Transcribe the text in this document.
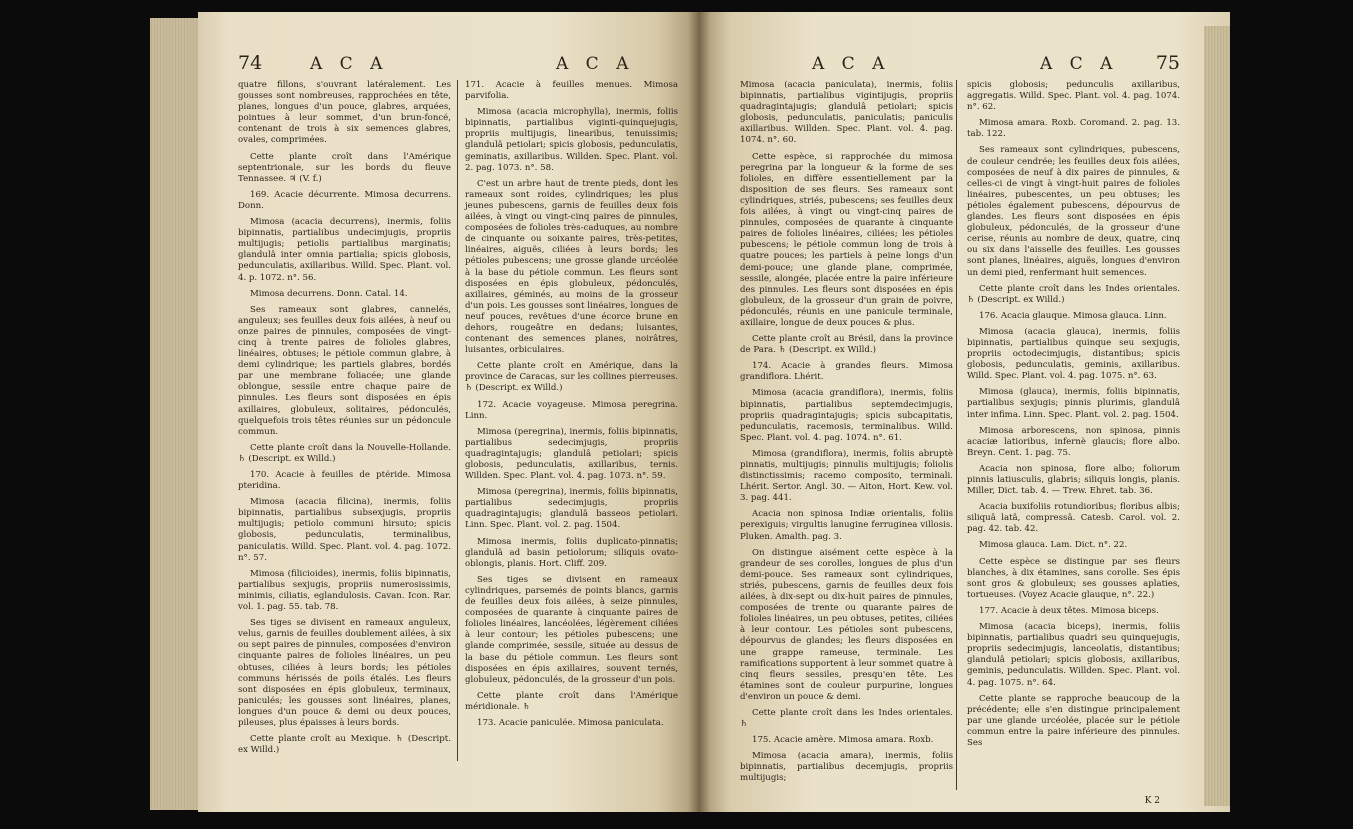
74	A C A	A C A

quatre fillons, s'ouvrant latéralement. Les gousses sont nombreuses, rapprochées en tête, planes, longues d'un pouce, glabres, arquées, pointues à leur sommet, d'un brun-foncé, contenant de trois à six semences glabres, ovales, comprimées.

Cette plante croît dans l'Amérique septentrionale, sur les bords du fleuve Tennassee. ♃ (V. f.)

169. Acacie décurrente. Mimosa decurrens. Donn.

Mimosa (acacia decurrens), inermis, foliis bipinnatis, partialibus undecimjugis, propriis multijugis; petiolis partialibus marginatis; glandulâ inter omnia partialia; spicis globosis, pedunculatis, axillaribus. Willd. Spec. Plant. vol. 4. p. 1072. n°. 56.

Mimosa decurrens. Donn. Catal. 14.

Ses rameaux sont glabres, cannelés, anguleux; ses feuilles deux fois ailées, à neuf ou onze paires de pinnules, composées de vingt-cinq à trente paires de folioles glabres, linéaires, obtuses; le pétiole commun glabre, à demi cylindrique; les partiels glabres, bordés par une membrane foliacée; une glande oblongue, sessile entre chaque paire de pinnules. Les fleurs sont disposées en épis axillaires, globuleux, solitaires, pédonculés, quelquefois trois têtes réunies sur un pédoncule commun.

Cette plante croît dans la Nouvelle-Hollande. ♄ (Descript. ex Willd.)

170. Acacie à feuilles de ptéride. Mimosa pteridina.

Mimosa (acacia filicina), inermis, foliis bipinnatis, partialibus subsexjugis, propriis multijugis; petiolo communi hirsuto; spicis globosis, pedunculatis, terminalibus, paniculatis. Willd. Spec. Plant. vol. 4. pag. 1072. n°. 57.

Mimosa (filicioides), inermis, foliis bipinnatis, partialibus sexjugis, propriis numerosissimis, minimis, ciliatis, eglandulosis. Cavan. Icon. Rar. vol. 1. pag. 55. tab. 78.

Ses tiges se divisent en rameaux anguleux, velus, garnis de feuilles doublement ailées, à six ou sept paires de pinnules, composées d'environ cinquante paires de folioles linéaires, un peu obtuses, ciliées à leurs bords; les pétioles communs hérissés de poils étalés. Les fleurs sont disposées en épis globuleux, terminaux, paniculés; les gousses sont linéaires, planes, longues d'un pouce & demi ou deux pouces, pileuses, plus épaisses à leurs bords.

Cette plante croît au Mexique. ♄ (Descript. ex Willd.)

171. Acacie à feuilles menues. Mimosa parvifolia.

Mimosa (acacia microphylla), inermis, foliis bipinnatis, partialibus viginti-quinquejugis, propriis multijugis, linearibus, tenuissimis; glandulâ petiolari; spicis globosis, pedunculatis, geminatis, axillaribus. Willden. Spec. Plant. vol. 2. pag. 1073. n°. 58.

C'est un arbre haut de trente pieds, dont les rameaux sont roides, cylindriques; les plus jeunes pubescens, garnis de feuilles deux fois ailées, à vingt ou vingt-cinq paires de pinnules, composées de folioles très-caduques, au nombre de cinquante ou soixante paires, très-petites, linéaires, aiguës, ciliées à leurs bords; les pétioles pubescens; une grosse glande urcéolée à la base du pétiole commun. Les fleurs sont disposées en épis globuleux, pédonculés, axillaires, géminés, au moins de la grosseur d'un pois. Les gousses sont linéaires, longues de neuf pouces, revêtues d'une écorce brune en dehors, rougeâtre en dedans; luisantes, contenant des semences planes, noirâtres, luisantes, orbiculaires.

Cette plante croît en Amérique, dans la province de Caracas, sur les collines pierreuses. ♄ (Descript. ex Willd.)

172. Acacie voyageuse. Mimosa peregrina. Linn.

Mimosa (peregrina), inermis, foliis bipinnatis, partialibus sedecimjugis, propriis quadragintajugis; glandulâ petiolari; spicis globosis, pedunculatis, axillaribus, ternis. Willden. Spec. Plant. vol. 4. pag. 1073. n°. 59.

Mimosa (peregrina), inermis, foliis bipinnatis, partialibus sedecimjugis, propriis quadragintajugis; glandulâ basseos petiolari. Linn. Spec. Plant. vol. 2. pag. 1504.

Mimosa inermis, foliis duplicato-pinnatis; glandulâ ad basin petiolorum; siliquis ovato-oblongis, planis. Hort. Cliff. 209.

Ses tiges se divisent en rameaux cylindriques, parsemés de points blancs, garnis de feuilles deux fois ailées, à seize pinnules, composées de quarante à cinquante paires de folioles linéaires, lancéolées, légèrement ciliées à leur contour; les pétioles pubescens; une glande comprimée, sessile, située au dessus de la base du pétiole commun. Les fleurs sont disposées en épis axillaires, souvent ternés, globuleux, pédonculés, de la grosseur d'un pois.

Cette plante croît dans l'Amérique méridionale. ♄

173. Acacie paniculée. Mimosa paniculata.

A C A	A C A 75

Mimosa (acacia paniculata), inermis, foliis bipinnatis, partialibus vigintijugis, propriis quadragintajugis; glandulâ petiolari; spicis globosis, pedunculatis, paniculatis; paniculis axillaribus. Willden. Spec. Plant. vol. 4. pag. 1074. n°. 60.

Cette espèce, si rapprochée du mimosa peregrina par la longueur & la forme de ses folioles, en diffère essentiellement par la disposition de ses fleurs. Ses rameaux sont cylindriques, striés, pubescens; ses feuilles deux fois ailées, à vingt ou vingt-cinq paires de pinnules, composées de quarante à cinquante paires de folioles linéaires, ciliées; les pétioles pubescens; le pétiole commun long de trois à quatre pouces; les partiels à peine longs d'un demi-pouce; une glande plane, comprimée, sessile, alongée, placée entre la paire inférieure des pinnules. Les fleurs sont disposées en épis globuleux, de la grosseur d'un grain de poivre, pédonculés, réunis en une panicule terminale, axillaire, longue de deux pouces & plus.

Cette plante croît au Brésil, dans la province de Para. ♄ (Descript. ex Willd.)

174. Acacie à grandes fleurs. Mimosa grandiflora. Lhérit.

Mimosa (acacia grandiflora), inermis, foliis bipinnatis, partialibus septemdecimjugis, propriis quadragintajugis; spicis subcapitatis, pedunculatis, racemosis, terminalibus. Willd. Spec. Plant. vol. 4. pag. 1074. n°. 61.

Mimosa (grandiflora), inermis, foliis abruptè pinnatis, multijugis; pinnulis multijugis; foliolis distinctissimis; racemo composito, terminali. Lhérit. Sertor. Angl. 30. — Aiton, Hort. Kew. vol. 3. pag. 441.

Acacia non spinosa Indiæ orientalis, foliis perexiguis; virgultis lanugine ferruginea villosis. Pluken. Amalth. pag. 3.

On distingue aisément cette espèce à la grandeur de ses corolles, longues de plus d'un demi-pouce. Ses rameaux sont cylindriques, striés, pubescens, garnis de feuilles deux fois ailées, à dix-sept ou dix-huit paires de pinnules, composées de trente ou quarante paires de folioles linéaires, un peu obtuses, petites, ciliées à leur contour. Les pétioles sont pubescens, dépourvus de glandes; les fleurs disposées en une grappe rameuse, terminale. Les ramifications supportent à leur sommet quatre à cinq fleurs sessiles, presqu'en tête. Les étamines sont de couleur purpurine, longues d'environ un pouce & demi.

Cette plante croît dans les Indes orientales. ♄

175. Acacie amère. Mimosa amara. Roxb.

Mimosa (acacia amara), inermis, foliis bipinnatis, partialibus decemjugis, propriis multijugis;

spicis globosis; pedunculis axillaribus, aggregatis. Willd. Spec. Plant. vol. 4. pag. 1074. n°. 62.

Mimosa amara. Roxb. Coromand. 2. pag. 13. tab. 122.

Ses rameaux sont cylindriques, pubescens, de couleur cendrée; les feuilles deux fois ailées, composées de neuf à dix paires de pinnules, & celles-ci de vingt à vingt-huit paires de folioles linéaires, pubescentes, un peu obtuses; les pétioles également pubescens, dépourvus de glandes. Les fleurs sont disposées en épis globuleux, pédonculés, de la grosseur d'une cerise, réunis au nombre de deux, quatre, cinq ou six dans l'aisselle des feuilles. Les gousses sont planes, linéaires, aiguës, longues d'environ un demi pied, renfermant huit semences.

Cette plante croît dans les Indes orientales. ♄ (Descript. ex Willd.)

176. Acacia glauque. Mimosa glauca. Linn.

Mimosa (acacia glauca), inermis, foliis bipinnatis, partialibus quinque seu sexjugis, propriis octodecimjugis, distantibus; spicis globosis, pedunculatis, geminis, axillaribus. Willd. Spec. Plant. vol. 4. pag. 1075. n°. 63.

Mimosa (glauca), inermis, foliis bipinnatis, partialibus sexjugis; pinnis plurimis, glandulâ inter infima. Linn. Spec. Plant. vol. 2. pag. 1504.

Mimosa arborescens, non spinosa, pinnis acaciæ latioribus, infernè glaucis; flore albo. Breyn. Cent. 1. pag. 75.

Acacia non spinosa, flore albo; foliorum pinnis latiusculis, glabris; siliquis longis, planis. Miller, Dict. tab. 4. — Trew. Ehret. tab. 36.

Acacia buxifoliis rotundioribus; floribus albis; siliquâ latâ, compressâ. Catesb. Carol. vol. 2. pag. 42. tab. 42.

Mimosa glauca. Lam. Dict. n°. 22.

Cette espèce se distingue par ses fleurs blanches, à dix étamines, sans corolle. Ses épis sont gros & globuleux; ses gousses aplaties, tortueuses. (Voyez Acacie glauque, n°. 22.)

177. Acacie à deux têtes. Mimosa biceps.

Mimosa (acacia biceps), inermis, foliis bipinnatis, partialibus quadri seu quinquejugis, propriis sedecimjugis, lanceolatis, distantibus; glandulâ petiolari; spicis globosis, axillaribus, geminis, pedunculatis. Willden. Spec. Plant. vol. 4. pag. 1075. n°. 64.

Cette plante se rapproche beaucoup de la précédente; elle s'en distingue principalement par une glande urcéolée, placée sur le pétiole commun entre la paire inférieure des pinnules. Ses

K 2
